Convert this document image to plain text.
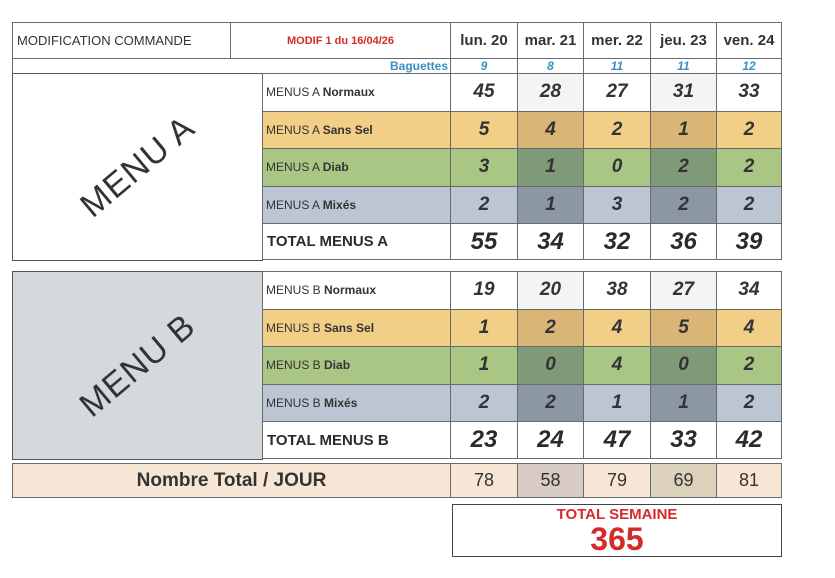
MODIFICATION COMMANDE	MODIF 1 du 16/04/26	lun. 20 mar. 21 mer. 22 jeu. 23 ven. 24
Baguettes	9	8	11	11	12
MENU A
MENUS A Normaux	45 28 27 31 33
MENUS A Sans Sel	5	4	2	1	2
MENUS A Diab	3	1	0	2	2
MENUS A Mixés	2	1	3	2	2
TOTAL MENUS A	55 34 32 36 39
MENU B
MENUS B Normaux	19 20 38 27 34
MENUS B Sans Sel	1	2	4	5	4
MENUS B Diab	1	0	4	0	2
MENUS B Mixés	2	2	1	1	2
TOTAL MENUS B	23 24 47 33 42
Nombre Total / JOUR	78	58	79	69	81
TOTAL SEMAINE
365
